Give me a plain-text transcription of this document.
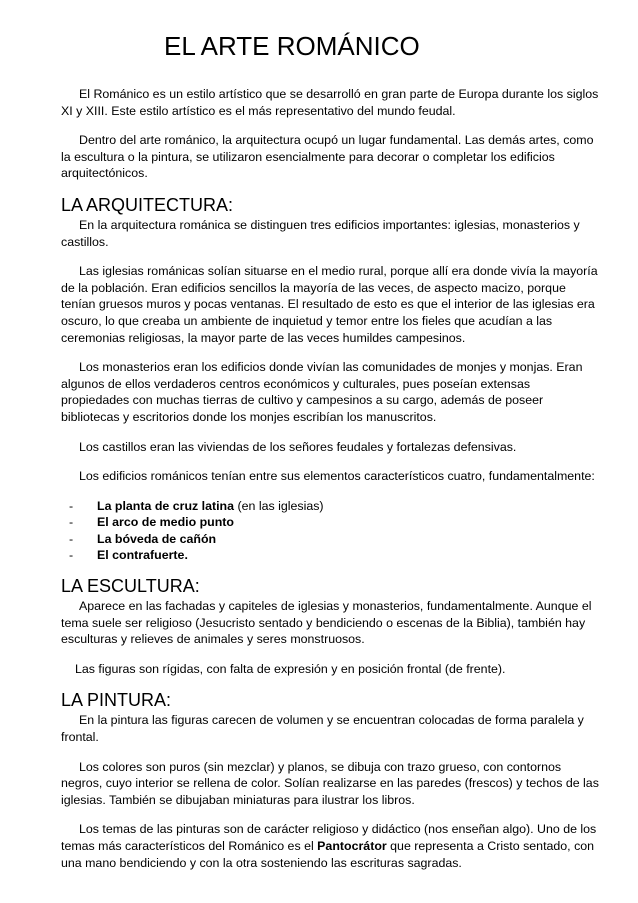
EL ARTE ROMÁNICO

El Románico es un estilo artístico que se desarrolló en gran parte de Europa durante los siglos XI y XIII. Este estilo artístico es el más representativo del mundo feudal.

Dentro del arte románico, la arquitectura ocupó un lugar fundamental. Las demás artes, como la escultura o la pintura, se utilizaron esencialmente para decorar o completar los edificios arquitectónicos.

LA ARQUITECTURA:

En la arquitectura románica se distinguen tres edificios importantes: iglesias, monasterios y castillos.

Las iglesias románicas solían situarse en el medio rural, porque allí era donde vivía la mayoría de la población. Eran edificios sencillos la mayoría de las veces, de aspecto macizo, porque tenían gruesos muros y pocas ventanas. El resultado de esto es que el interior de las iglesias era oscuro, lo que creaba un ambiente de inquietud y temor entre los fieles que acudían a las ceremonias religiosas, la mayor parte de las veces humildes campesinos.

Los monasterios eran los edificios donde vivían las comunidades de monjes y monjas. Eran algunos de ellos verdaderos centros económicos y culturales, pues poseían extensas propiedades con muchas tierras de cultivo y campesinos a su cargo, además de poseer bibliotecas y escritorios donde los monjes escribían los manuscritos.

Los castillos eran las viviendas de los señores feudales y fortalezas defensivas.

Los edificios románicos tenían entre sus elementos característicos cuatro, fundamentalmente:

- La planta de cruz latina (en las iglesias)
- El arco de medio punto
- La bóveda de cañón
- El contrafuerte.
LA ESCULTURA:

Aparece en las fachadas y capiteles de iglesias y monasterios, fundamentalmente. Aunque el tema suele ser religioso (Jesucristo sentado y bendiciendo o escenas de la Biblia), también hay esculturas y relieves de animales y seres monstruosos.

Las figuras son rígidas, con falta de expresión y en posición frontal (de frente).

LA PINTURA:

En la pintura las figuras carecen de volumen y se encuentran colocadas de forma paralela y frontal.

Los colores son puros (sin mezclar) y planos, se dibuja con trazo grueso, con contornos negros, cuyo interior se rellena de color. Solían realizarse en las paredes (frescos) y techos de las iglesias. También se dibujaban miniaturas para ilustrar los libros.

Los temas de las pinturas son de carácter religioso y didáctico (nos enseñan algo). Uno de los temas más característicos del Románico es el Pantocrátor que representa a Cristo sentado, con una mano bendiciendo y con la otra sosteniendo las escrituras sagradas.
